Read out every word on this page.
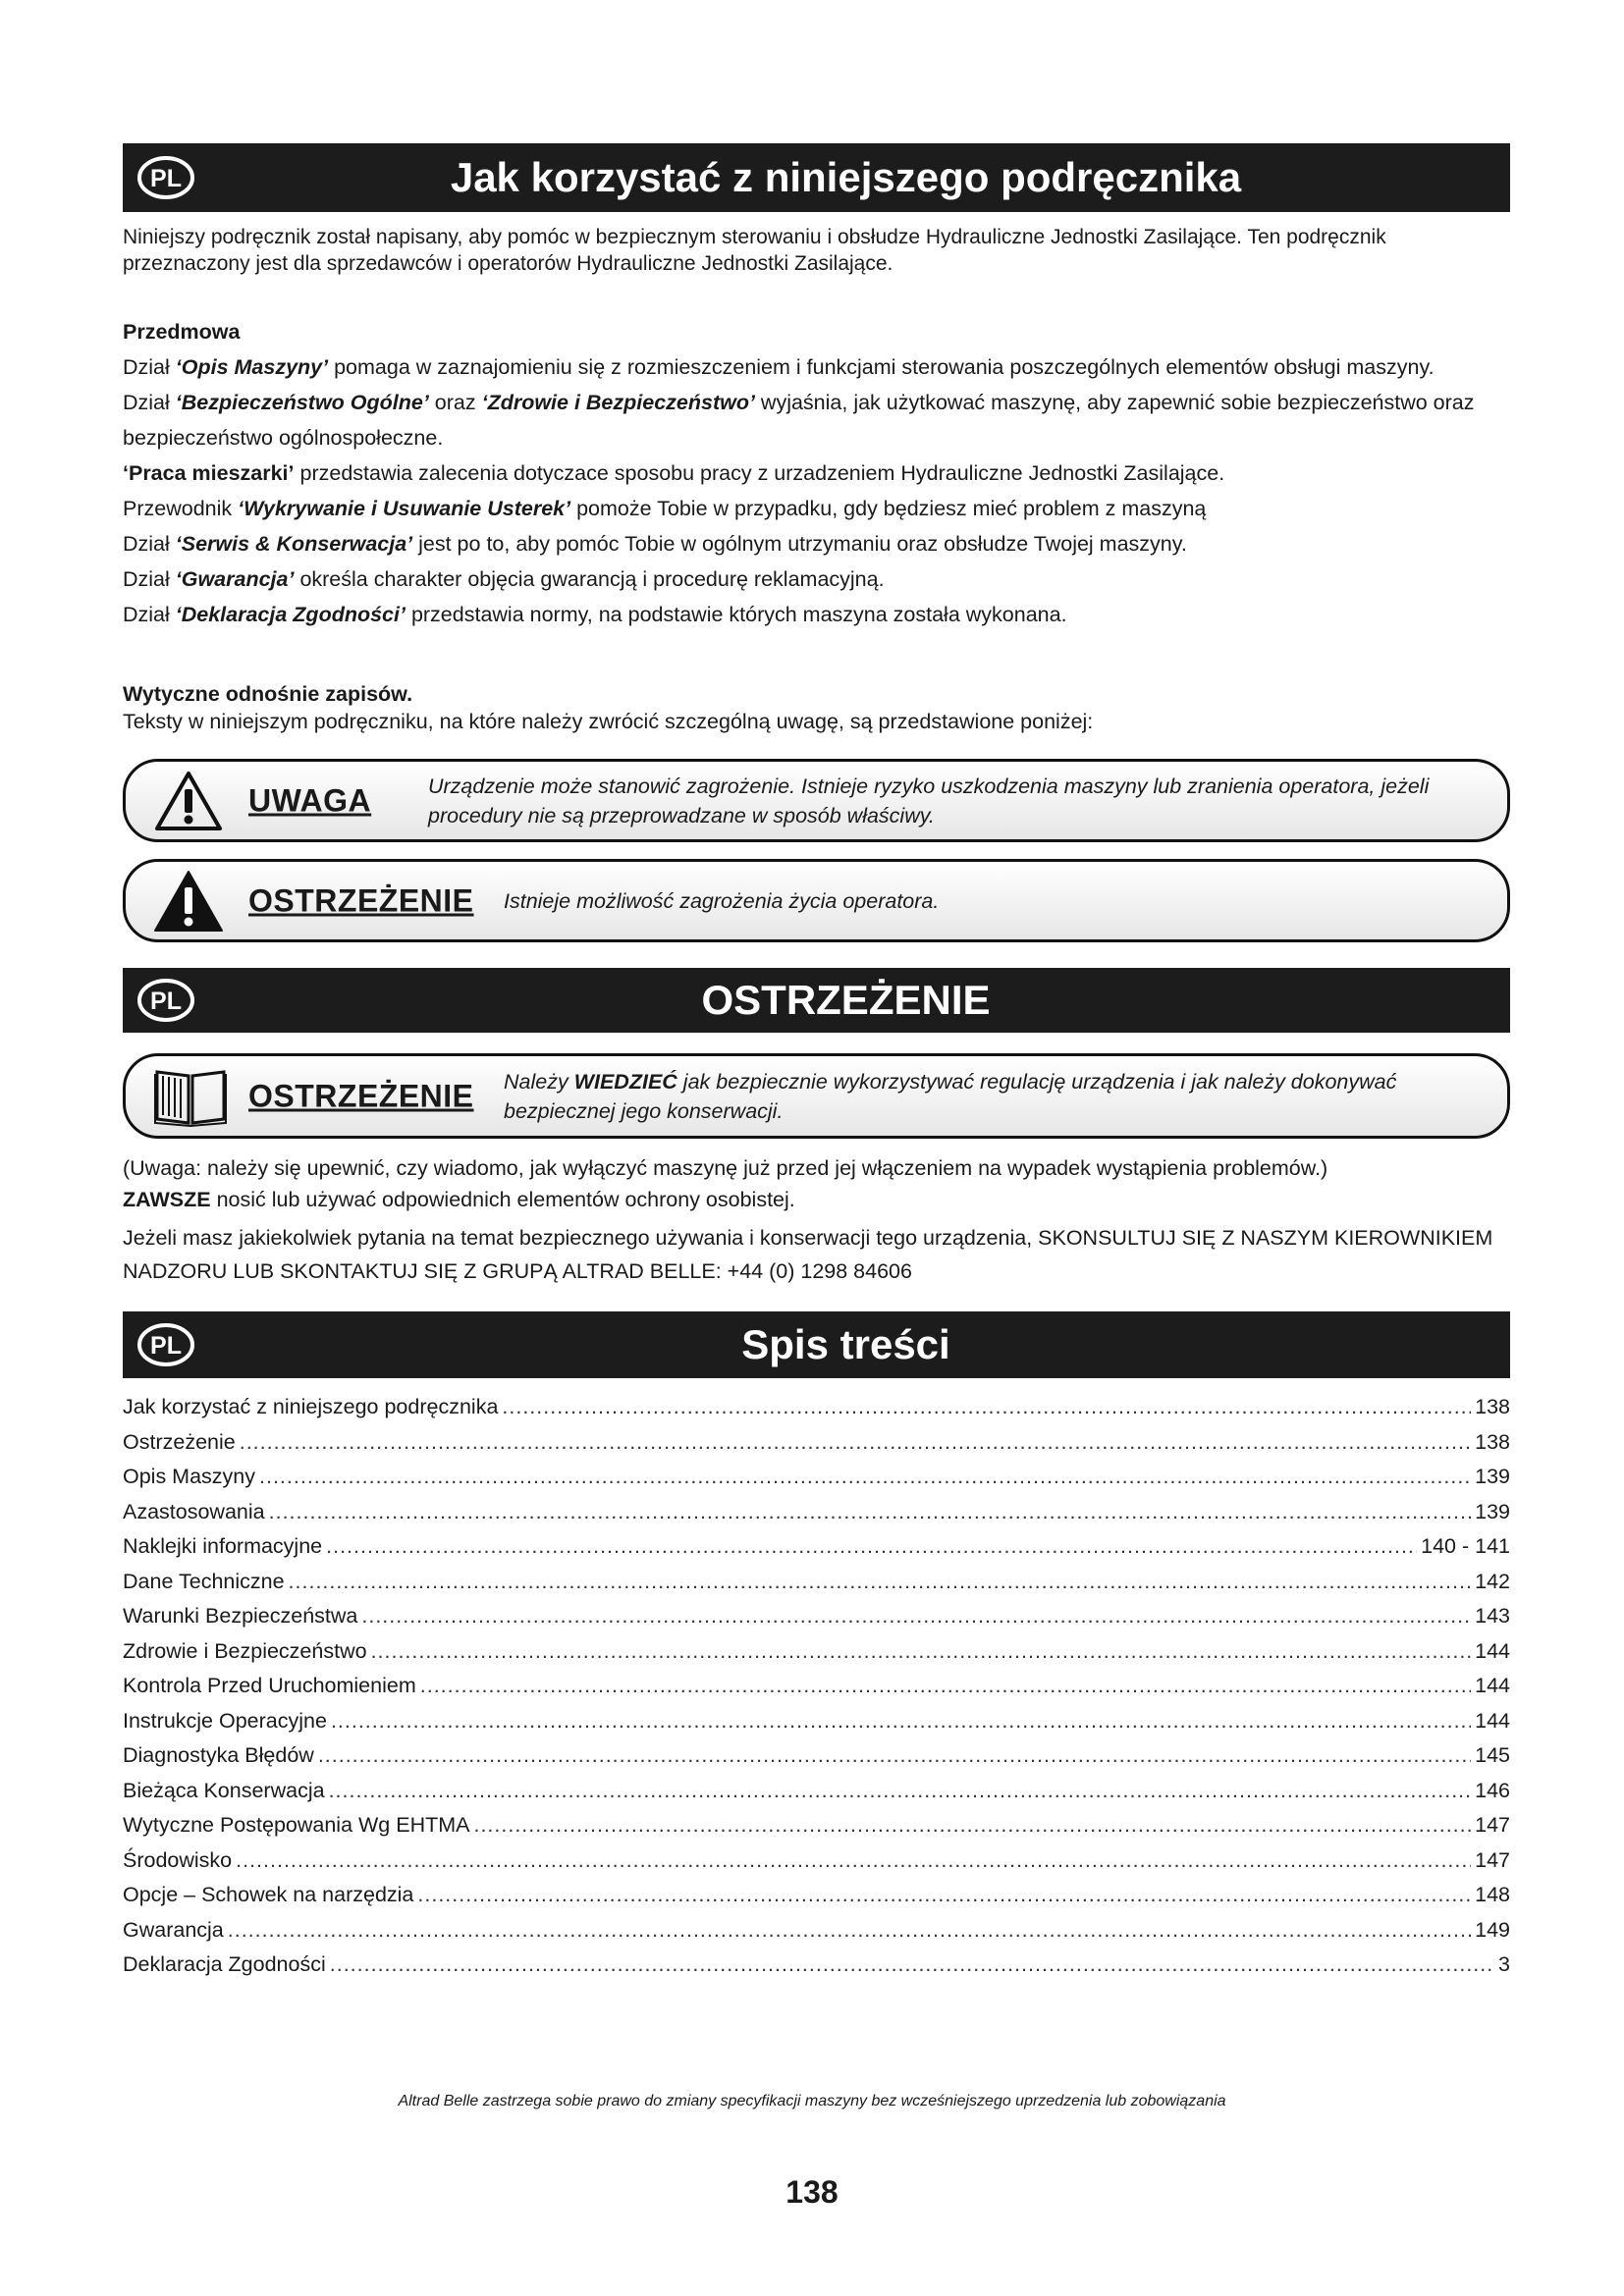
PL	Jak korzystać z niniejszego podręcznika

Niniejszy podręcznik został napisany, aby pomóc w bezpiecznym sterowaniu i obsłudze Hydrauliczne Jednostki Zasilające. Ten podręcznik przeznaczony jest dla sprzedawców i operatorów Hydrauliczne Jednostki Zasilające.

Przedmowa

Dział ‘Opis Maszyny’ pomaga w zaznajomieniu się z rozmieszczeniem i funkcjami sterowania poszczególnych elementów obsługi maszyny.

Dział ‘Bezpieczeństwo Ogólne’ oraz ‘Zdrowie i Bezpieczeństwo’ wyjaśnia, jak użytkować maszynę, aby zapewnić sobie bezpieczeństwo oraz bezpieczeństwo ogólnospołeczne.

‘Praca mieszarki’ przedstawia zalecenia dotyczace sposobu pracy z urzadzeniem Hydrauliczne Jednostki Zasilające.

Przewodnik ‘Wykrywanie i Usuwanie Usterek’ pomoże Tobie w przypadku, gdy będziesz mieć problem z maszyną

Dział ‘Serwis & Konserwacja’ jest po to, aby pomóc Tobie w ogólnym utrzymaniu oraz obsłudze Twojej maszyny.

Dział ‘Gwarancja’ określa charakter objęcia gwarancją i procedurę reklamacyjną.

Dział ‘Deklaracja Zgodności’ przedstawia normy, na podstawie których maszyna została wykonana.

Wytyczne odnośnie zapisów.

Teksty w niniejszym podręczniku, na które należy zwrócić szczególną uwagę, są przedstawione poniżej:

UWAGA	Urządzenie może stanowić zagrożenie. Istnieje ryzyko uszkodzenia maszyny lub zranienia operatora, jeżeli procedury nie są przeprowadzane w sposób właściwy.
OSTRZEŻENIE Istnieje możliwość zagrożenia życia operatora.
PL	OSTRZEŻENIE
OSTRZEŻENIE Należy WIEDZIEĆ jak bezpiecznie wykorzystywać regulację urządzenia i jak należy dokonywać bezpiecznej jego konserwacji.

(Uwaga: należy się upewnić, czy wiadomo, jak wyłączyć maszynę już przed jej włączeniem na wypadek wystąpienia problemów.)

ZAWSZE nosić lub używać odpowiednich elementów ochrony osobistej.

Jeżeli masz jakiekolwiek pytania na temat bezpiecznego używania i konserwacji tego urządzenia, SKONSULTUJ SIĘ Z NASZYM KIEROWNIKIEM NADZORU LUB SKONTAKTUJ SIĘ Z GRUPĄ ALTRAD BELLE: +44 (0) 1298 84606

PL	Spis treści
Jak korzystać z niniejszego podręcznika .....	138
Ostrzeżenie .....	138
Opis Maszyny .....	139
Azastosowania .....	139
Naklejki informacyjne .....	140 - 141
Dane Techniczne .....	142
Warunki Bezpieczeństwa .....	143
Zdrowie i Bezpieczeństwo .....	144
Kontrola Przed Uruchomieniem .....	144
Instrukcje Operacyjne .....	144
Diagnostyka Błędów .....	145
Bieżąca Konserwacja .....	146
Wytyczne Postępowania Wg EHTMA .....	147
Środowisko .....	147
Opcje – Schowek na narzędzia .....	148
Gwarancja .....	149
Deklaracja Zgodności .....	3
Altrad Belle zastrzega sobie prawo do zmiany specyfikacji maszyny bez wcześniejszego uprzedzenia lub zobowiązania
138
